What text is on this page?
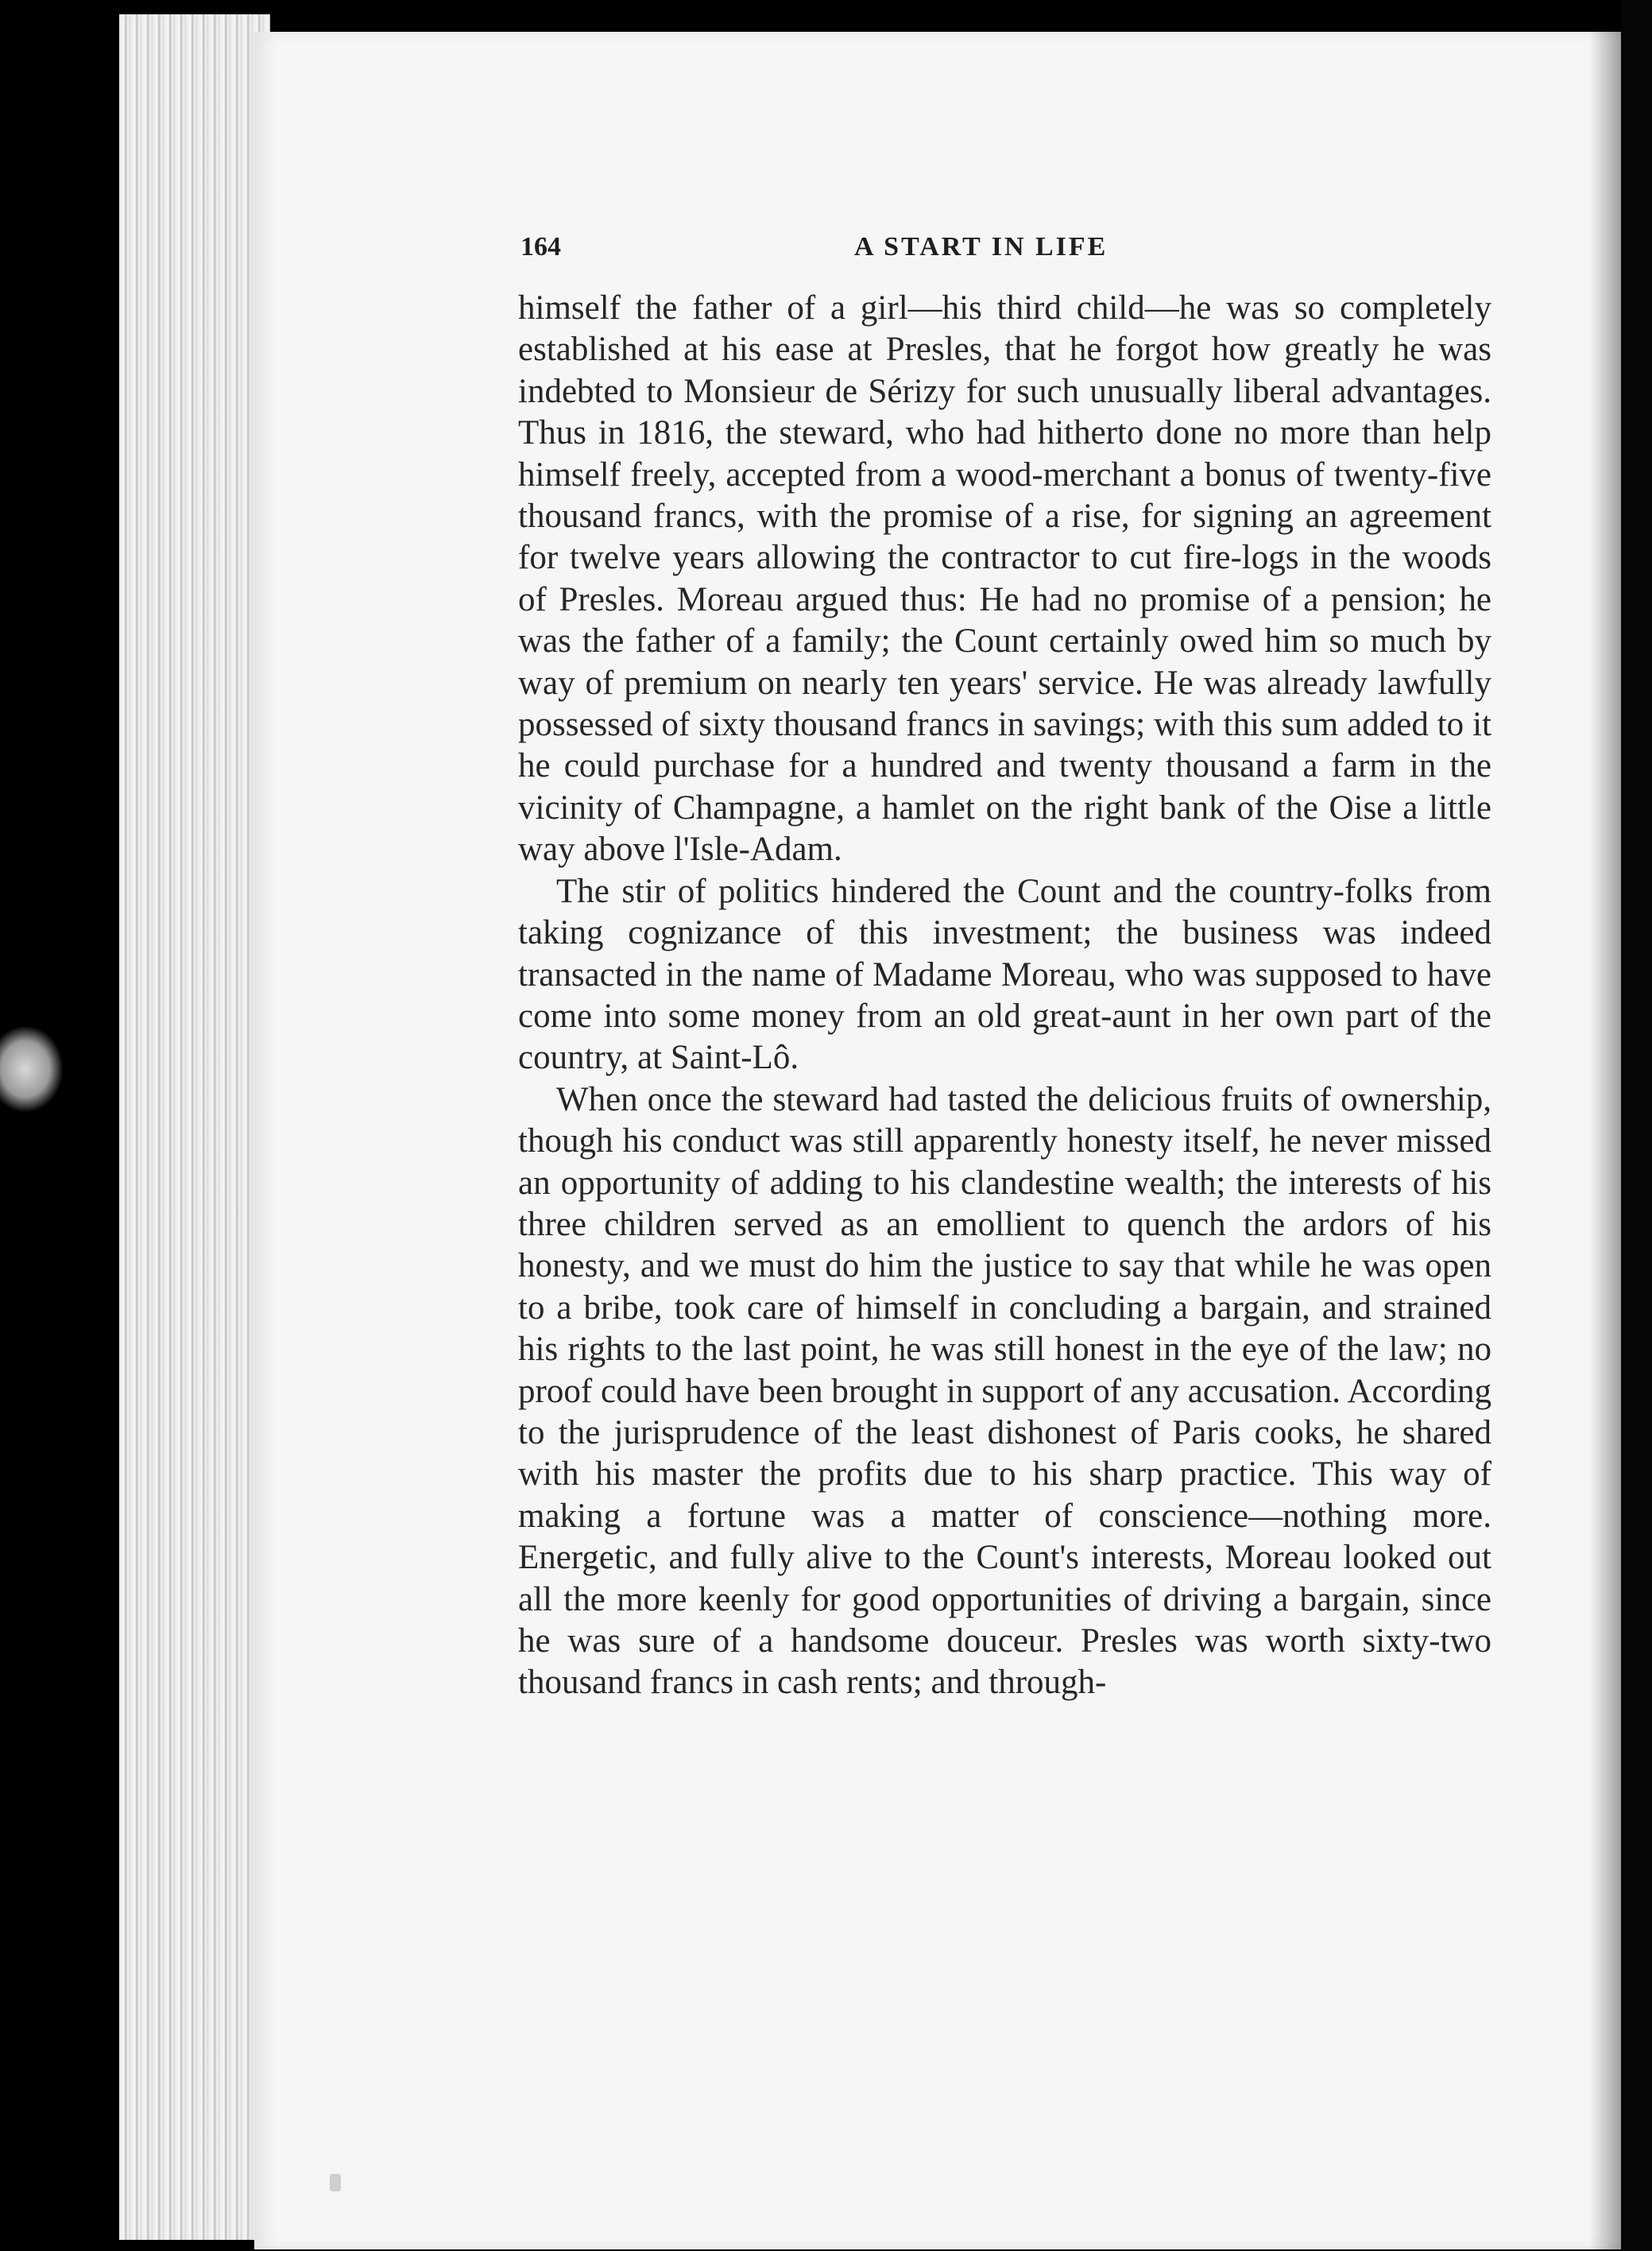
164	A START IN LIFE

himself the father of a girl—his third child—he was so completely established at his ease at Presles, that he forgot how greatly he was indebted to Monsieur de Sérizy for such unusually liberal advantages. Thus in 1816, the steward, who had hitherto done no more than help himself freely, accepted from a wood-merchant a bonus of twenty-five thousand francs, with the promise of a rise, for signing an agreement for twelve years allowing the contractor to cut fire-logs in the woods of Presles. Moreau argued thus: He had no promise of a pension; he was the father of a family; the Count certainly owed him so much by way of premium on nearly ten years' service. He was already lawfully possessed of sixty thousand francs in savings; with this sum added to it he could purchase for a hundred and twenty thousand a farm in the vicinity of Champagne, a hamlet on the right bank of the Oise a little way above l'Isle-Adam.

The stir of politics hindered the Count and the country-folks from taking cognizance of this investment; the business was indeed transacted in the name of Madame Moreau, who was supposed to have come into some money from an old great-aunt in her own part of the country, at Saint-Lô.

When once the steward had tasted the delicious fruits of ownership, though his conduct was still apparently honesty itself, he never missed an opportunity of adding to his clandestine wealth; the interests of his three children served as an emollient to quench the ardors of his honesty, and we must do him the justice to say that while he was open to a bribe, took care of himself in concluding a bargain, and strained his rights to the last point, he was still honest in the eye of the law; no proof could have been brought in support of any accusation. According to the jurisprudence of the least dishonest of Paris cooks, he shared with his master the profits due to his sharp practice. This way of making a fortune was a matter of conscience—nothing more. Energetic, and fully alive to the Count's interests, Moreau looked out all the more keenly for good opportunities of driving a bargain, since he was sure of a handsome douceur. Presles was worth sixty-two thousand francs in cash rents; and through-
